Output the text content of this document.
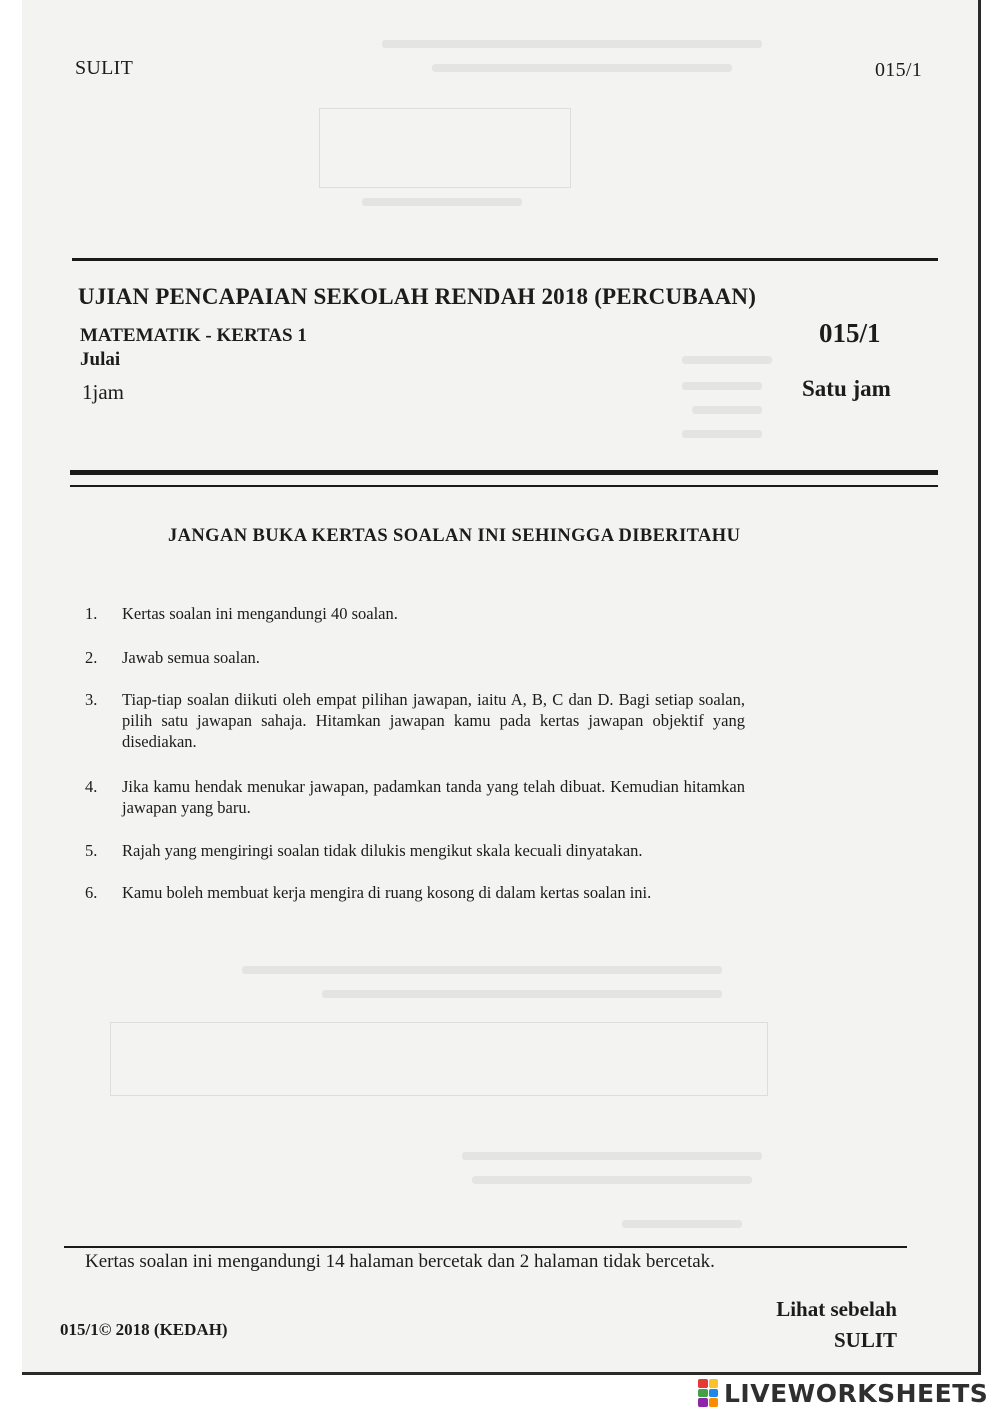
SULIT	015/1
UJIAN PENCAPAIAN SEKOLAH RENDAH 2018 (PERCUBAAN)
MATEMATIK - KERTAS 1
Julai
1jam
015/1
Satu jam
JANGAN BUKA KERTAS SOALAN INI SEHINGGA DIBERITAHU
1. Kertas soalan ini mengandungi 40 soalan.
2. Jawab semua soalan.
3. Tiap-tiap soalan diikuti oleh empat pilihan jawapan, iaitu A, B, C dan D. Bagi setiap soalan, pilih satu jawapan sahaja. Hitamkan jawapan kamu pada kertas jawapan objektif yang disediakan.
4. Jika kamu hendak menukar jawapan, padamkan tanda yang telah dibuat. Kemudian hitamkan jawapan yang baru.
5. Rajah yang mengiringi soalan tidak dilukis mengikut skala kecuali dinyatakan.
6. Kamu boleh membuat kerja mengira di ruang kosong di dalam kertas soalan ini.
Kertas soalan ini mengandungi 14 halaman bercetak dan 2 halaman tidak bercetak.
015/1© 2018 (KEDAH)
Lihat sebelah
SULIT
LIVEWORKSHEETS
